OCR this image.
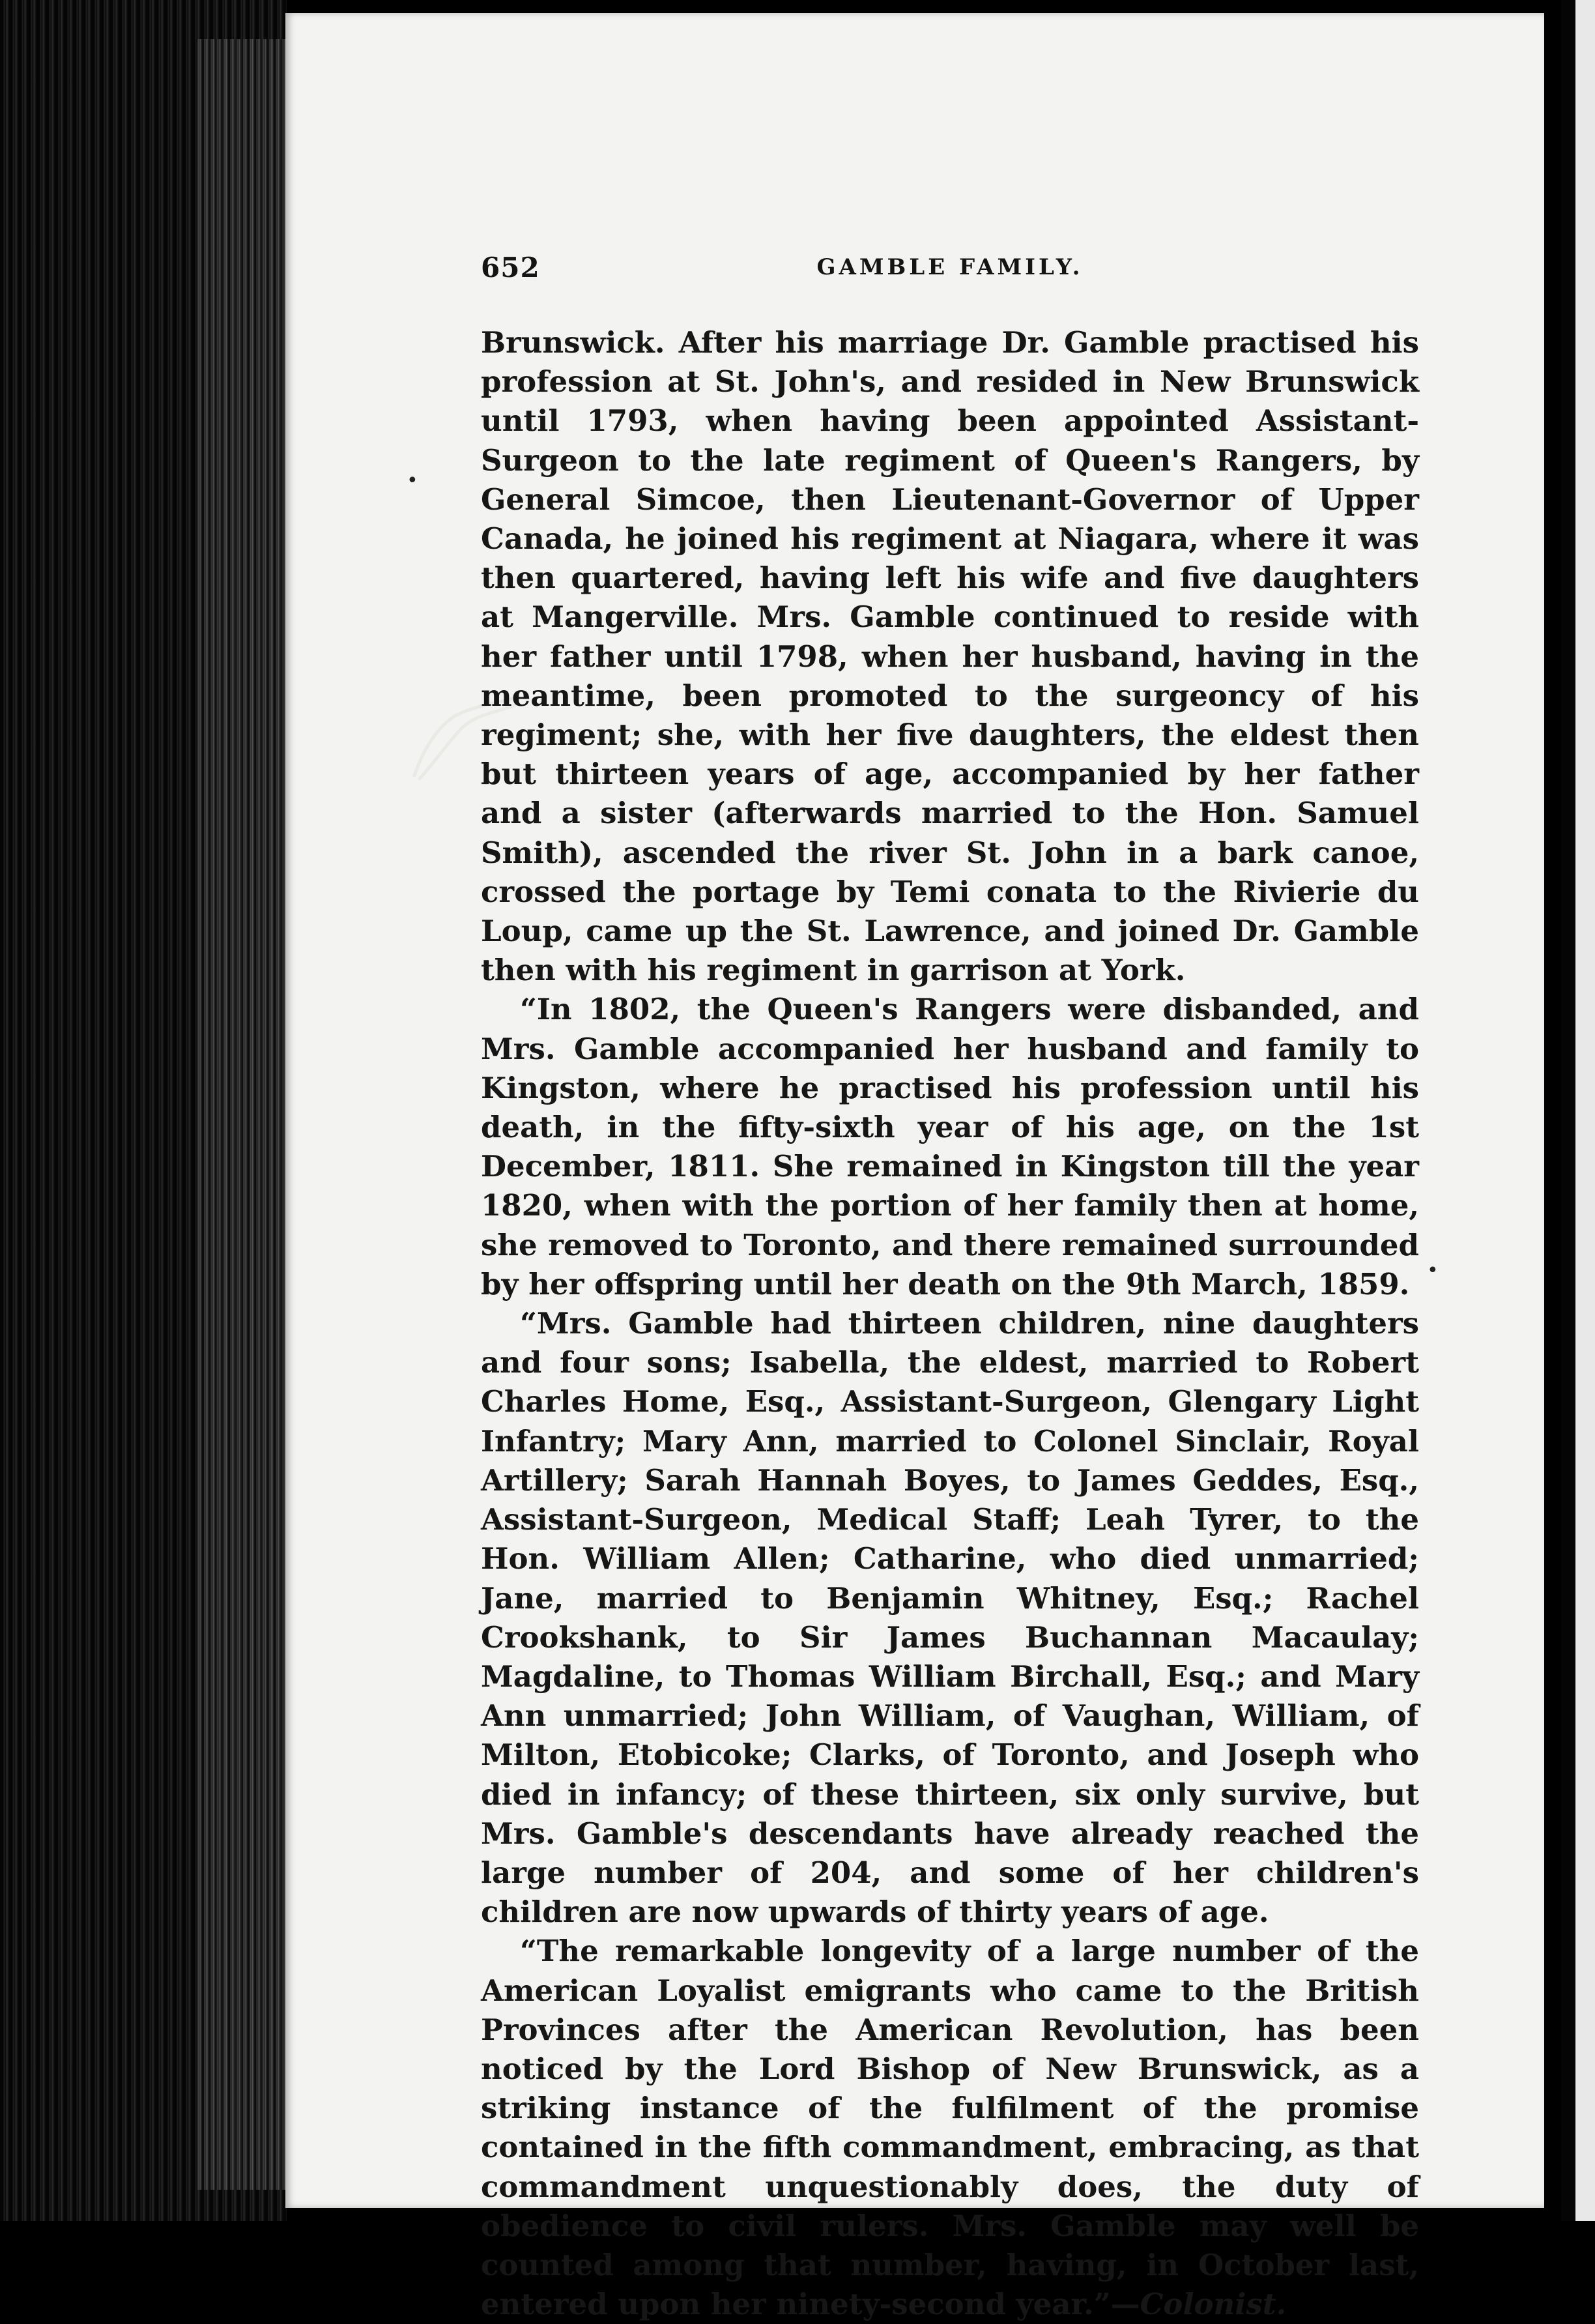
652	GAMBLE FAMILY.

Brunswick. After his marriage Dr. Gamble practised his profession at St. John's, and resided in New Brunswick until 1793, when having been appointed Assistant-Surgeon to the late regiment of Queen's Rangers, by General Simcoe, then Lieutenant-Governor of Upper Canada, he joined his regiment at Niagara, where it was then quartered, having left his wife and five daughters at Mangerville. Mrs. Gamble continued to reside with her father until 1798, when her husband, having in the meantime, been promoted to the surgeoncy of his regiment; she, with her five daughters, the eldest then but thirteen years of age, accompanied by her father and a sister (afterwards married to the Hon. Samuel Smith), ascended the river St. John in a bark canoe, crossed the portage by Temi conata to the Rivierie du Loup, came up the St. Lawrence, and joined Dr. Gamble then with his regiment in garrison at York.

“In 1802, the Queen's Rangers were disbanded, and Mrs. Gamble accompanied her husband and family to Kingston, where he practised his profession until his death, in the fifty-sixth year of his age, on the 1st December, 1811. She remained in Kingston till the year 1820, when with the portion of her family then at home, she removed to Toronto, and there remained surrounded by her offspring until her death on the 9th March, 1859.

“Mrs. Gamble had thirteen children, nine daughters and four sons; Isabella, the eldest, married to Robert Charles Home, Esq., Assistant-Surgeon, Glengary Light Infantry; Mary Ann, married to Colonel Sinclair, Royal Artillery; Sarah Hannah Boyes, to James Geddes, Esq., Assistant-Surgeon, Medical Staff; Leah Tyrer, to the Hon. William Allen; Catharine, who died unmarried; Jane, married to Benjamin Whitney, Esq.; Rachel Crookshank, to Sir James Buchannan Macaulay; Magdaline, to Thomas William Birchall, Esq.; and Mary Ann unmarried; John William, of Vaughan, William, of Milton, Etobicoke; Clarks, of Toronto, and Joseph who died in infancy; of these thirteen, six only survive, but Mrs. Gamble's descendants have already reached the large number of 204, and some of her children's children are now upwards of thirty years of age.

“The remarkable longevity of a large number of the American Loyalist emigrants who came to the British Provinces after the American Revolution, has been noticed by the Lord Bishop of New Brunswick, as a striking instance of the fulfilment of the promise contained in the fifth commandment, embracing, as that commandment unquestionably does, the duty of obedience to civil rulers. Mrs. Gamble may well be counted among that number, having, in October last, entered upon her ninety-second year.”—Colonist.

•
•
